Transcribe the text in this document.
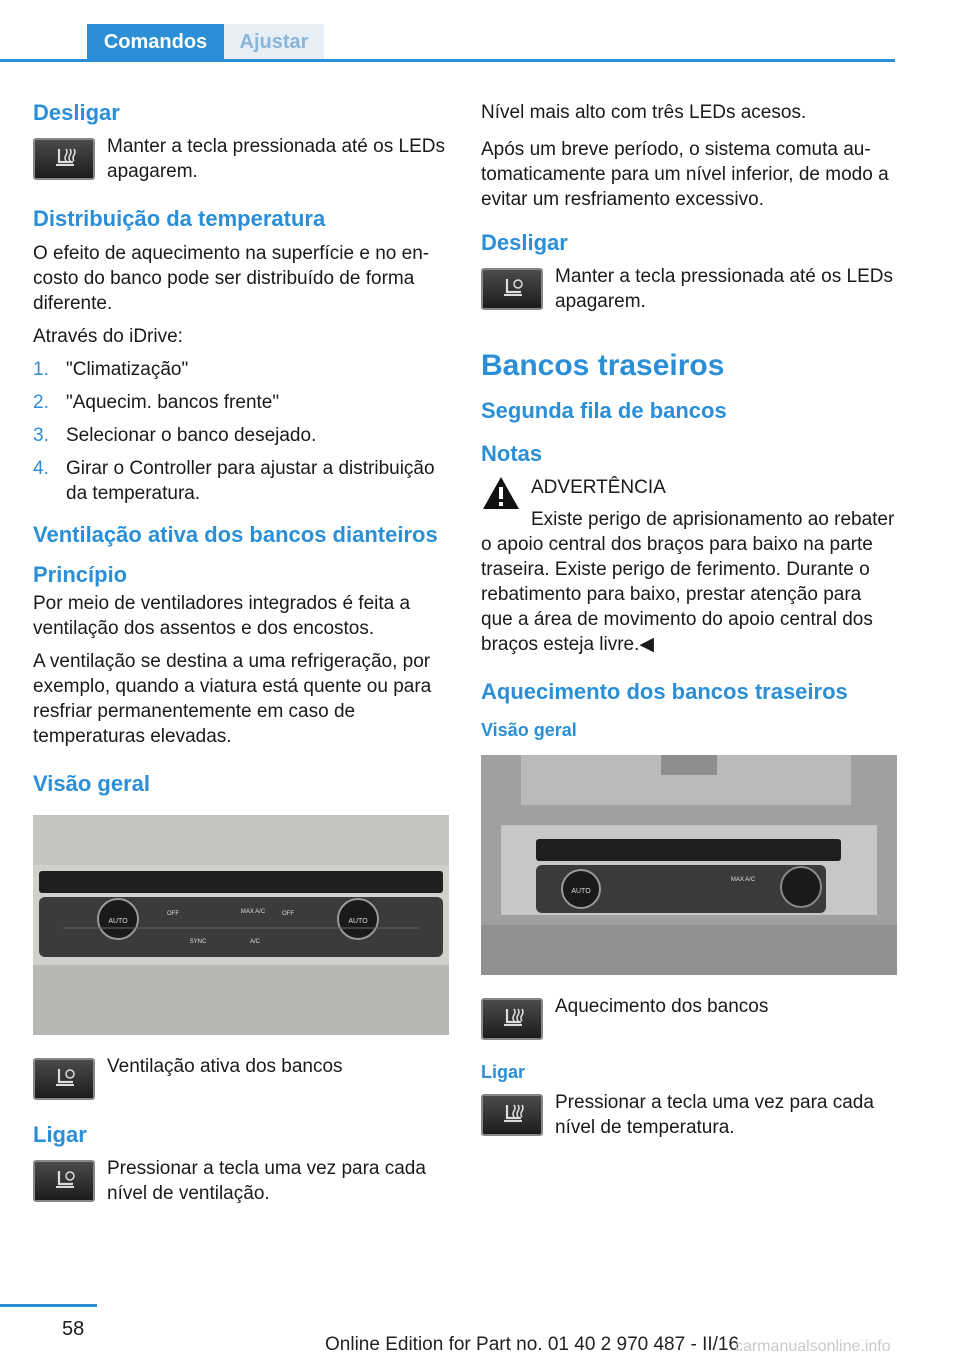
Comandos	Ajustar
Desligar
Manter a tecla pressionada até os LEDs apagarem.
Distribuição da temperatura

O efeito de aquecimento na superfície e no encosto do banco pode ser distribuído de forma diferente.

Através do iDrive:

1. "Climatização"
2. "Aquecim. bancos frente"
3. Selecionar o banco desejado.
4. Girar o Controller para ajustar a distribuição da temperatura.
Ventilação ativa dos bancos dianteiros
Princípio

Por meio de ventiladores integrados é feita a ventilação dos assentos e dos encostos.

A ventilação se destina a uma refrigeração, por exemplo, quando a viatura está quente ou para resfriar permanentemente em caso de temperaturas elevadas.

Visão geral
AUTO
OFF	MAX A/C	OFF
AUTO
SYNC	A/C
Ventilação ativa dos bancos
Ligar
Pressionar a tecla uma vez para cada nível de ventilação.

Nível mais alto com três LEDs acesos.

Após um breve período, o sistema comuta automaticamente para um nível inferior, de modo a evitar um resfriamento excessivo.

Desligar
Manter a tecla pressionada até os LEDs apagarem.
Bancos traseiros
Segunda fila de bancos
Notas

ADVERTÊNCIA

Existe perigo de aprisionamento ao rebater o apoio central dos braços para baixo na parte traseira. Existe perigo de ferimento. Durante o rebatimento para baixo, prestar atenção para que a área de movimento do apoio central dos braços esteja livre.◀

Aquecimento dos bancos traseiros
Visão geral
AUTO
MAX A/C
Aquecimento dos bancos
Ligar
Pressionar a tecla uma vez para cada nível de temperatura.
58
Online Edition for Part no. 01 40 2 970 487 - II/16
carmanualsonline.info
